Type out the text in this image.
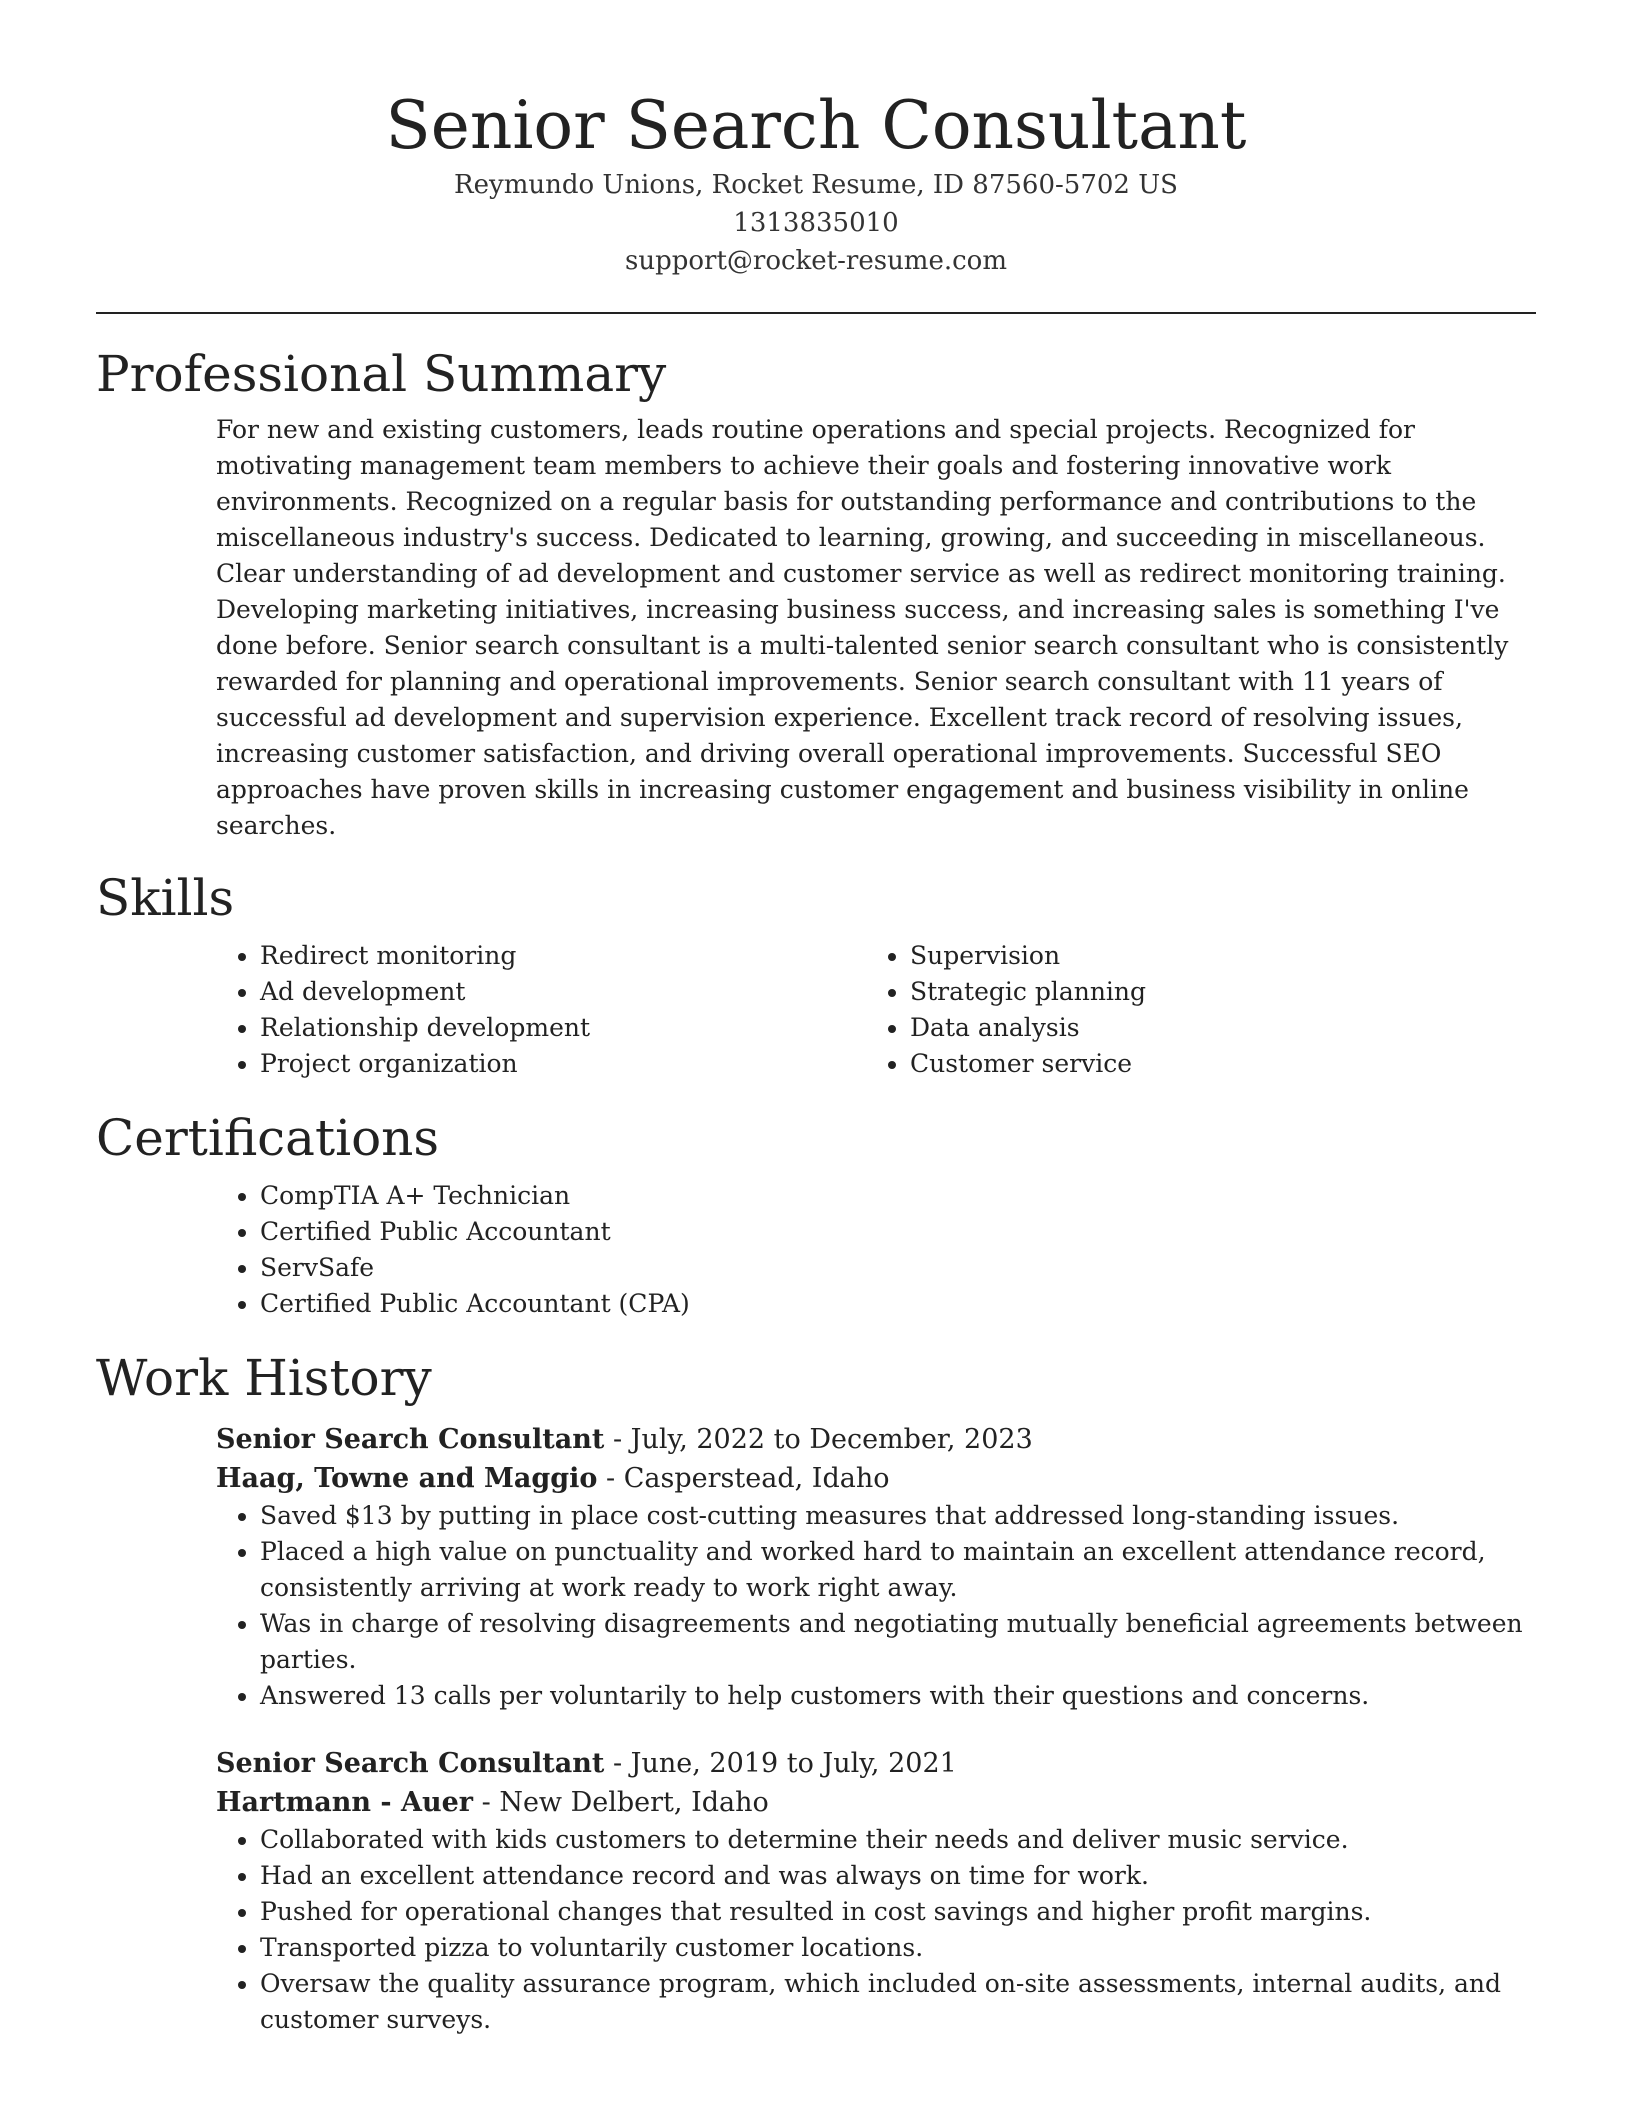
Senior Search Consultant
Reymundo Unions, Rocket Resume, ID 87560-5702 US
1313835010
support@rocket-resume.com
Professional Summary

For new and existing customers, leads routine operations and special projects. Recognized for motivating management team members to achieve their goals and fostering innovative work environments. Recognized on a regular basis for outstanding performance and contributions to the miscellaneous industry's success. Dedicated to learning, growing, and succeeding in miscellaneous. Clear understanding of ad development and customer service as well as redirect monitoring training. Developing marketing initiatives, increasing business success, and increasing sales is something I've done before. Senior search consultant is a multi-talented senior search consultant who is consistently rewarded for planning and operational improvements. Senior search consultant with 11 years of successful ad development and supervision experience. Excellent track record of resolving issues, increasing customer satisfaction, and driving overall operational improvements. Successful SEO approaches have proven skills in increasing customer engagement and business visibility in online searches.

Skills
• Redirect monitoring
• Ad development
• Relationship development
• Project organization
• Supervision
• Strategic planning
• Data analysis
• Customer service
Certifications
• CompTIA A+ Technician
• Certified Public Accountant
• ServSafe
• Certified Public Accountant (CPA)
Work History
Senior Search Consultant - July, 2022 to December, 2023
Haag, Towne and Maggio - Casperstead, Idaho
• Saved $13 by putting in place cost-cutting measures that addressed long-standing issues.
• Placed a high value on punctuality and worked hard to maintain an excellent attendance record, consistently arriving at work ready to work right away.
• Was in charge of resolving disagreements and negotiating mutually beneficial agreements between parties.
• Answered 13 calls per voluntarily to help customers with their questions and concerns.
Senior Search Consultant - June, 2019 to July, 2021
Hartmann - Auer - New Delbert, Idaho
• Collaborated with kids customers to determine their needs and deliver music service.
• Had an excellent attendance record and was always on time for work.
• Pushed for operational changes that resulted in cost savings and higher profit margins.
• Transported pizza to voluntarily customer locations.
• Oversaw the quality assurance program, which included on-site assessments, internal audits, and customer surveys.
